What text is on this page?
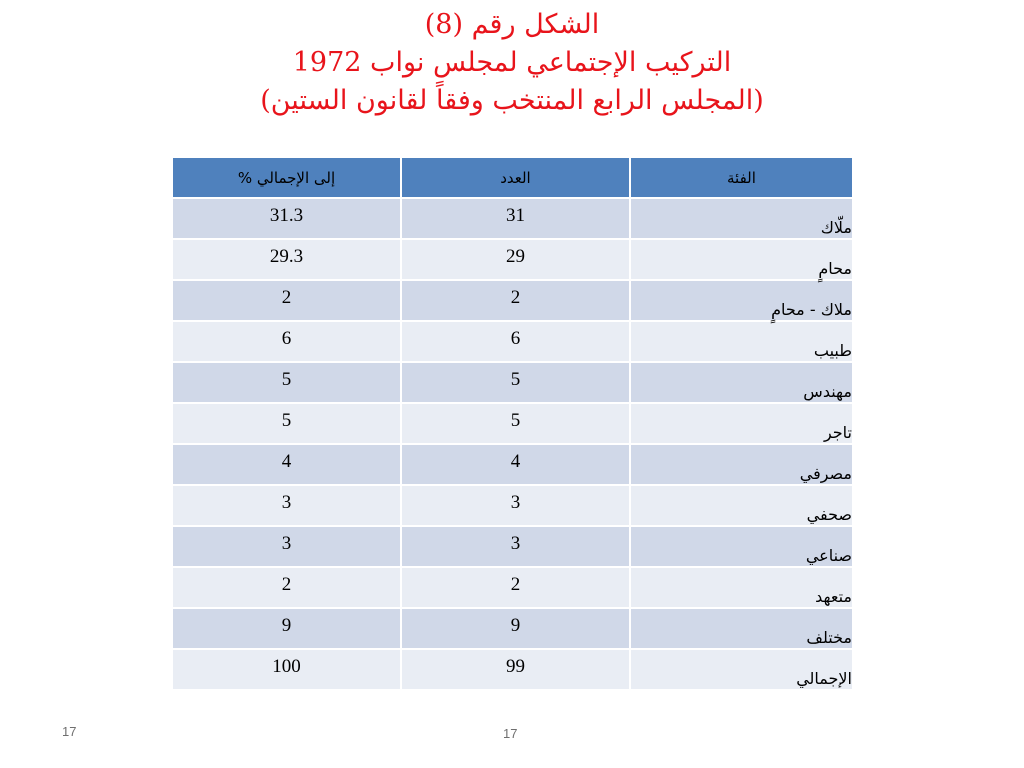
الشكل رقم (8)
التركيب الإجتماعي لمجلس نواب 1972
(المجلس الرابع المنتخب وفقاً لقانون الستين)
إلى الإجمالي %	العدد	الفئة
31.3	31	ملّاك
29.3	29	محامٍ
2	2	ملاك - محامٍ
6	6	طبيب
5	5	مهندس
5	5	تاجر
4	4	مصرفي
3	3	صحفي
3	3	صناعي
2	2	متعهد
9	9	مختلف
100	99	الإجمالي
17	17
